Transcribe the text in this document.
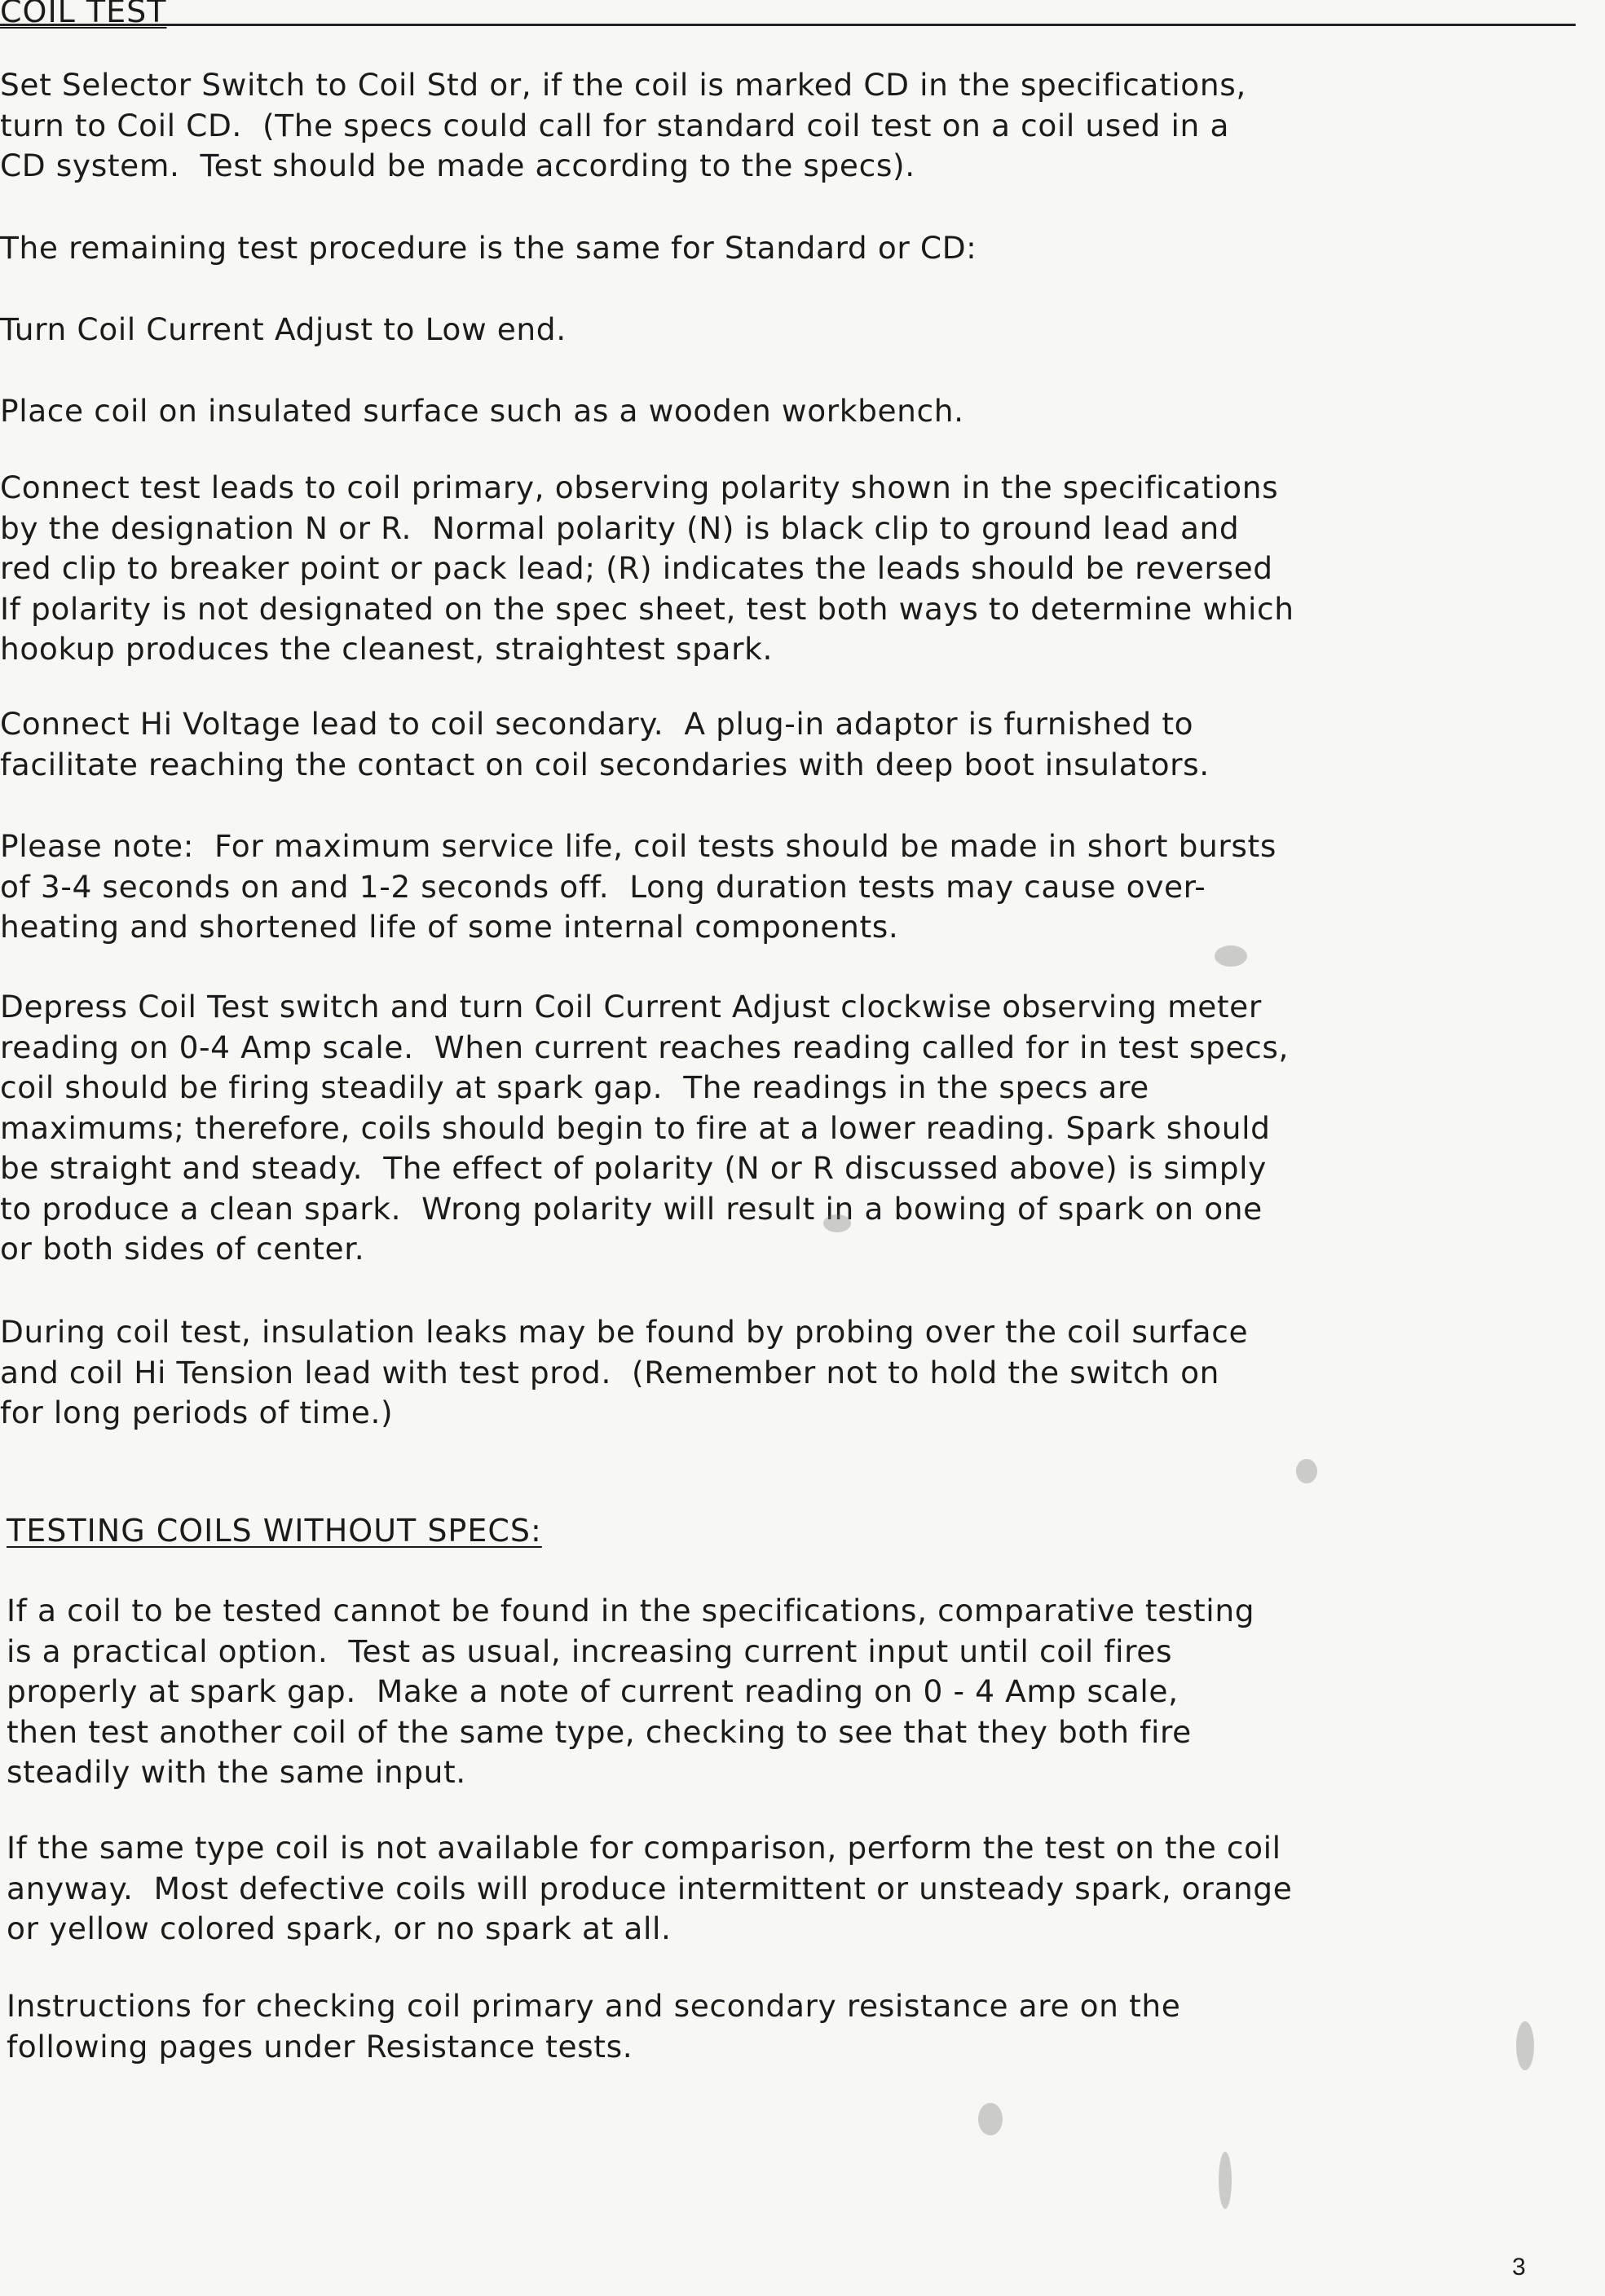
COIL TEST
Set Selector Switch to Coil Std or, if the coil is marked CD in the specifications,
turn to Coil CD.  (The specs could call for standard coil test on a coil used in a
CD system.  Test should be made according to the specs).
The remaining test procedure is the same for Standard or CD:
Turn Coil Current Adjust to Low end.
Place coil on insulated surface such as a wooden workbench.
Connect test leads to coil primary, observing polarity shown in the specifications
by the designation N or R.  Normal polarity (N) is black clip to ground lead and
red clip to breaker point or pack lead; (R) indicates the leads should be reversed
If polarity is not designated on the spec sheet, test both ways to determine which
hookup produces the cleanest, straightest spark.
Connect Hi Voltage lead to coil secondary.  A plug-in adaptor is furnished to
facilitate reaching the contact on coil secondaries with deep boot insulators.
Please note:  For maximum service life, coil tests should be made in short bursts
of 3-4 seconds on and 1-2 seconds off.  Long duration tests may cause over-
heating and shortened life of some internal components.
Depress Coil Test switch and turn Coil Current Adjust clockwise observing meter
reading on 0-4 Amp scale.  When current reaches reading called for in test specs,
coil should be firing steadily at spark gap.  The readings in the specs are
maximums; therefore, coils should begin to fire at a lower reading. Spark should
be straight and steady.  The effect of polarity (N or R discussed above) is simply
to produce a clean spark.  Wrong polarity will result in a bowing of spark on one
or both sides of center.
During coil test, insulation leaks may be found by probing over the coil surface
and coil Hi Tension lead with test prod.  (Remember not to hold the switch on
for long periods of time.)
TESTING COILS WITHOUT SPECS:
If a coil to be tested cannot be found in the specifications, comparative testing
is a practical option.  Test as usual, increasing current input until coil fires
properly at spark gap.  Make a note of current reading on 0 - 4 Amp scale,
then test another coil of the same type, checking to see that they both fire
steadily with the same input.
If the same type coil is not available for comparison, perform the test on the coil
anyway.  Most defective coils will produce intermittent or unsteady spark, orange
or yellow colored spark, or no spark at all.
Instructions for checking coil primary and secondary resistance are on the
following pages under Resistance tests.
3
